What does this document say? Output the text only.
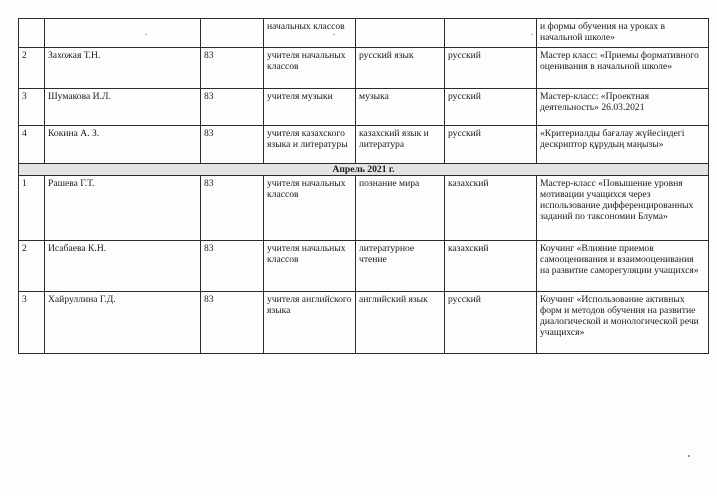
-	-	-
			начальных классов			и формы обучения на уроках в начальной школе»
2	Захожая Т.Н.	83	учителя начальных классов	русский язык	русский	Мастер класс: «Приемы формативного оценивания в начальной школе»
3	Шумакова И.Л.	83	учителя музыки	музыка	русский	Мастер-класс: «Проектная деятельность» 26.03.2021
4	Кокина А. З.	83	учителя казахского языка и литературы	казахский язык и литература	русский	«Критериалды бағалау жүйесіндегі дескриптор құрудың маңызы»
Апрель 2021 г.						
1	Рашева Г.Т.	83	учителя начальных классов	познание мира	казахский	Мастер-класс «Повышение уровня мотивации учащихся через использование дифференцированных заданий по таксономии Блума»
2	Исабаева К.Н.	83	учителя начальных классов	литературное чтение	казахский	Коучинг «Влияние приемов самооценивания и взаимооценивания на развитие саморегуляции учащихся»
3	Хайруллина Г.Д.	83	учителя английского языка	английский язык	русский	Коучинг «Использование активных форм и методов обучения на развитие диалогической и монологической речи учащихся»
